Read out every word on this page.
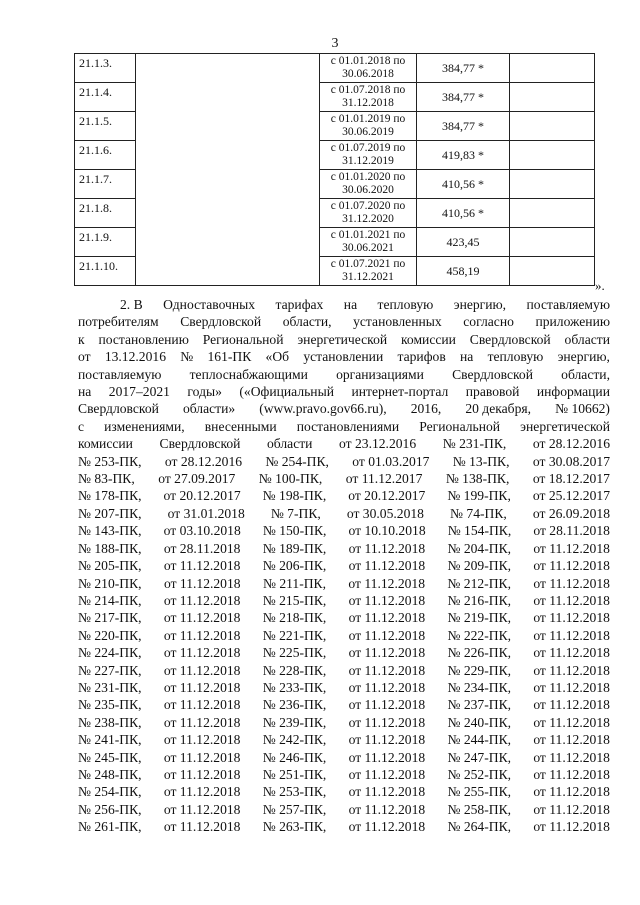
3
21.1.3.		с 01.01.2018 по
30.06.2018	384,77 *	
21.1.4.		с 01.07.2018 по
31.12.2018	384,77 *	
21.1.5.		с 01.01.2019 по
30.06.2019	384,77 *	
21.1.6.		с 01.07.2019 по
31.12.2019	419,83 *	
21.1.7.		с 01.01.2020 по
30.06.2020	410,56 *	
21.1.8.		с 01.07.2020 по
31.12.2020	410,56 *	
21.1.9.		с 01.01.2021 по
30.06.2021	423,45	
21.1.10.		с 01.07.2021 по
31.12.2021	458,19	
».
2. В Одноставочных тарифах на тепловую энергию, поставляемую
потребителям Свердловской области, установленных согласно приложению
к постановлению Региональной энергетической комиссии Свердловской области
от 13.12.2016 № 161-ПК «Об установлении тарифов на тепловую энергию,
поставляемую теплоснабжающими организациями Свердловской области,
на 2017–2021 годы» («Официальный интернет-портал правовой информации
Свердловской области» (www.pravo.gov66.ru), 2016, 20 декабря, № 10662)
с изменениями, внесенными постановлениями Региональной энергетической
комиссии Свердловской области от 23.12.2016 № 231-ПК, от 28.12.2016
№ 253-ПК, от 28.12.2016 № 254-ПК, от 01.03.2017 № 13-ПК, от 30.08.2017
№ 83-ПК, от 27.09.2017 № 100-ПК, от 11.12.2017 № 138-ПК, от 18.12.2017
№ 178-ПК, от 20.12.2017 № 198-ПК, от 20.12.2017 № 199-ПК, от 25.12.2017
№ 207-ПК, от 31.01.2018 № 7-ПК, от 30.05.2018 № 74-ПК, от 26.09.2018
№ 143-ПК, от 03.10.2018 № 150-ПК, от 10.10.2018 № 154-ПК, от 28.11.2018
№ 188-ПК, от 28.11.2018 № 189-ПК, от 11.12.2018 № 204-ПК, от 11.12.2018
№ 205-ПК, от 11.12.2018 № 206-ПК, от 11.12.2018 № 209-ПК, от 11.12.2018
№ 210-ПК, от 11.12.2018 № 211-ПК, от 11.12.2018 № 212-ПК, от 11.12.2018
№ 214-ПК, от 11.12.2018 № 215-ПК, от 11.12.2018 № 216-ПК, от 11.12.2018
№ 217-ПК, от 11.12.2018 № 218-ПК, от 11.12.2018 № 219-ПК, от 11.12.2018
№ 220-ПК, от 11.12.2018 № 221-ПК, от 11.12.2018 № 222-ПК, от 11.12.2018
№ 224-ПК, от 11.12.2018 № 225-ПК, от 11.12.2018 № 226-ПК, от 11.12.2018
№ 227-ПК, от 11.12.2018 № 228-ПК, от 11.12.2018 № 229-ПК, от 11.12.2018
№ 231-ПК, от 11.12.2018 № 233-ПК, от 11.12.2018 № 234-ПК, от 11.12.2018
№ 235-ПК, от 11.12.2018 № 236-ПК, от 11.12.2018 № 237-ПК, от 11.12.2018
№ 238-ПК, от 11.12.2018 № 239-ПК, от 11.12.2018 № 240-ПК, от 11.12.2018
№ 241-ПК, от 11.12.2018 № 242-ПК, от 11.12.2018 № 244-ПК, от 11.12.2018
№ 245-ПК, от 11.12.2018 № 246-ПК, от 11.12.2018 № 247-ПК, от 11.12.2018
№ 248-ПК, от 11.12.2018 № 251-ПК, от 11.12.2018 № 252-ПК, от 11.12.2018
№ 254-ПК, от 11.12.2018 № 253-ПК, от 11.12.2018 № 255-ПК, от 11.12.2018
№ 256-ПК, от 11.12.2018 № 257-ПК, от 11.12.2018 № 258-ПК, от 11.12.2018
№ 261-ПК, от 11.12.2018 № 263-ПК, от 11.12.2018 № 264-ПК, от 11.12.2018
